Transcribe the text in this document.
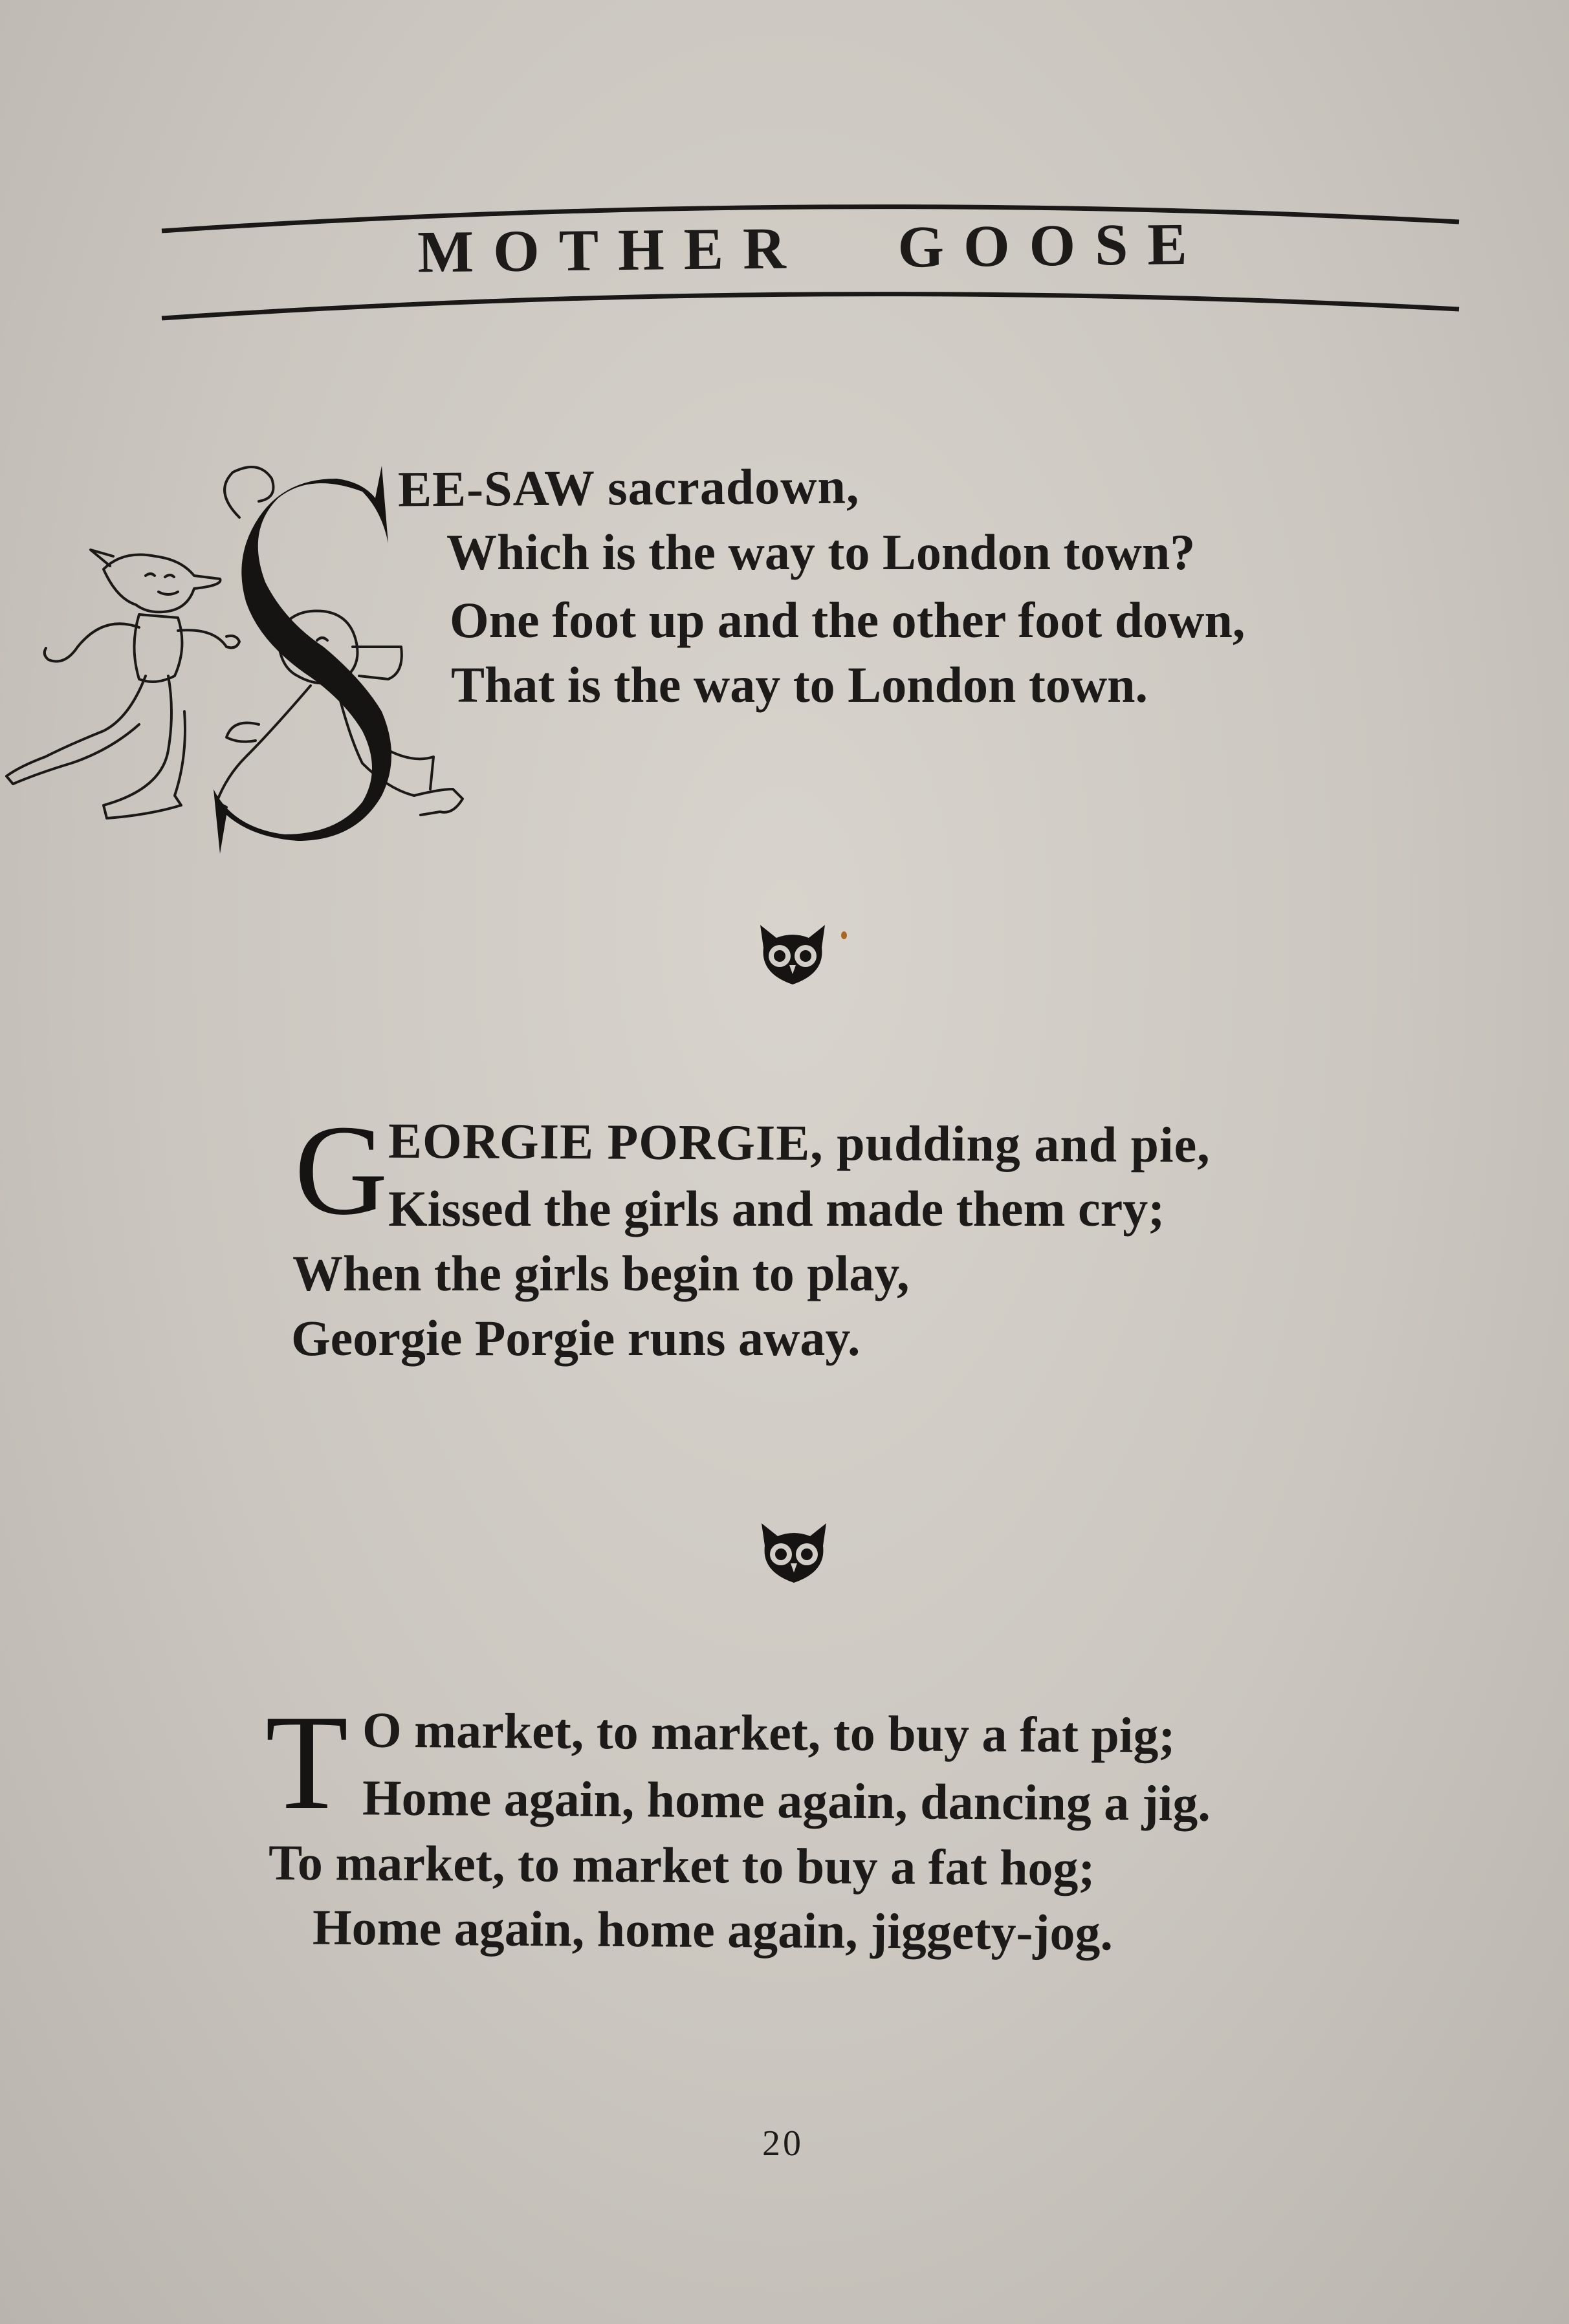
MOTHER GOOSE
EE-SAW sacradown,
Which is the way to London town?
One foot up and the other foot down,
That is the way to London town.
G EORGIE PORGIE, pudding and pie,
Kissed the girls and made them cry;
When the girls begin to play,
Georgie Porgie runs away.
T O market, to market, to buy a fat pig;
Home again, home again, dancing a jig.
To market, to market to buy a fat hog;
Home again, home again, jiggety-jog.
20
